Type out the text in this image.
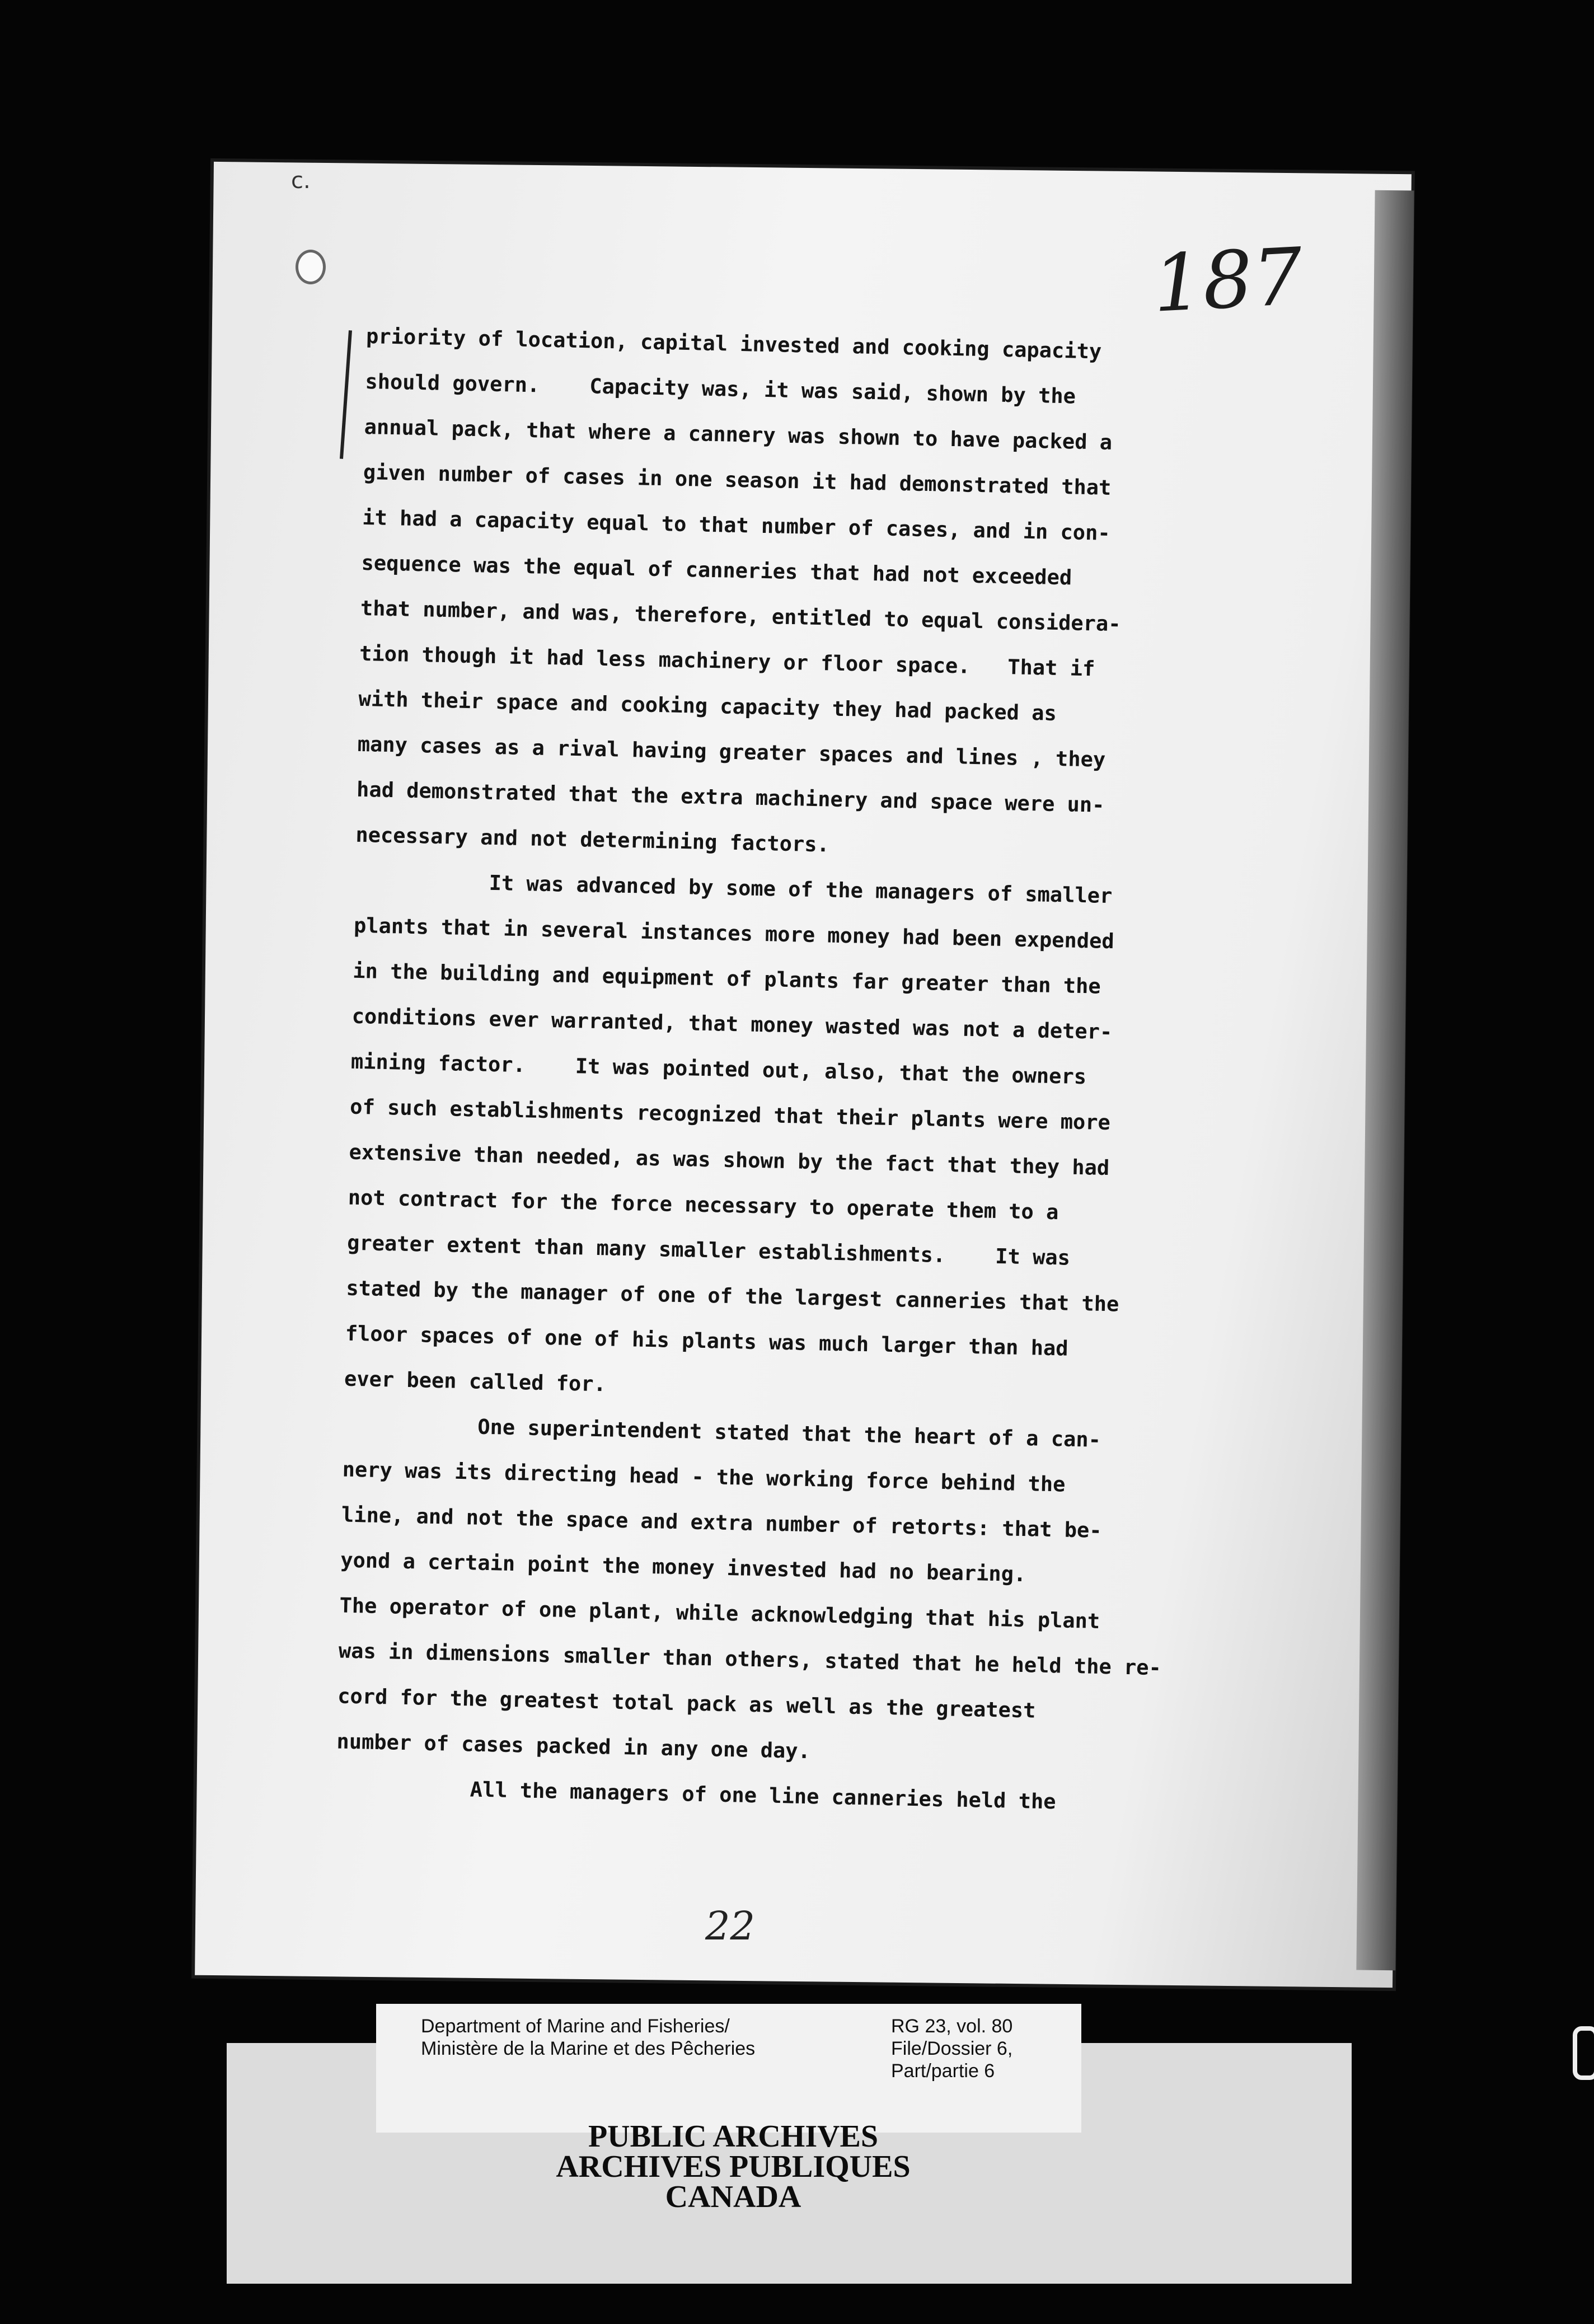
c.
187
priority of location, capital invested and cooking capacity
should govern.    Capacity was, it was said, shown by the
annual pack, that where a cannery was shown to have packed a
given number of cases in one season it had demonstrated that
it had a capacity equal to that number of cases, and in con-
sequence was the equal of canneries that had not exceeded
that number, and was, therefore, entitled to equal considera-
tion though it had less machinery or floor space.   That if
with their space and cooking capacity they had packed as
many cases as a rival having greater spaces and lines , they
had demonstrated that the extra machinery and space were un-
necessary and not determining factors.
It was advanced by some of the managers of smaller
plants that in several instances more money had been expended
in the building and equipment of plants far greater than the
conditions ever warranted, that money wasted was not a deter-
mining factor.    It was pointed out, also, that the owners
of such establishments recognized that their plants were more
extensive than needed, as was shown by the fact that they had
not contract for the force necessary to operate them to a
greater extent than many smaller establishments.    It was
stated by the manager of one of the largest canneries that the
floor spaces of one of his plants was much larger than had
ever been called for.
One superintendent stated that the heart of a can-
nery was its directing head - the working force behind the
line, and not the space and extra number of retorts: that be-
yond a certain point the money invested had no bearing.
The operator of one plant, while acknowledging that his plant
was in dimensions smaller than others, stated that he held the re-
cord for the greatest total pack as well as the greatest
number of cases packed in any one day.
All the managers of one line canneries held the
22
Department of Marine and Fisheries/
Ministère de la Marine et des Pêcheries
RG 23, vol. 80
File/Dossier 6,
Part/partie 6
PUBLIC ARCHIVES
ARCHIVES PUBLIQUES
CANADA
